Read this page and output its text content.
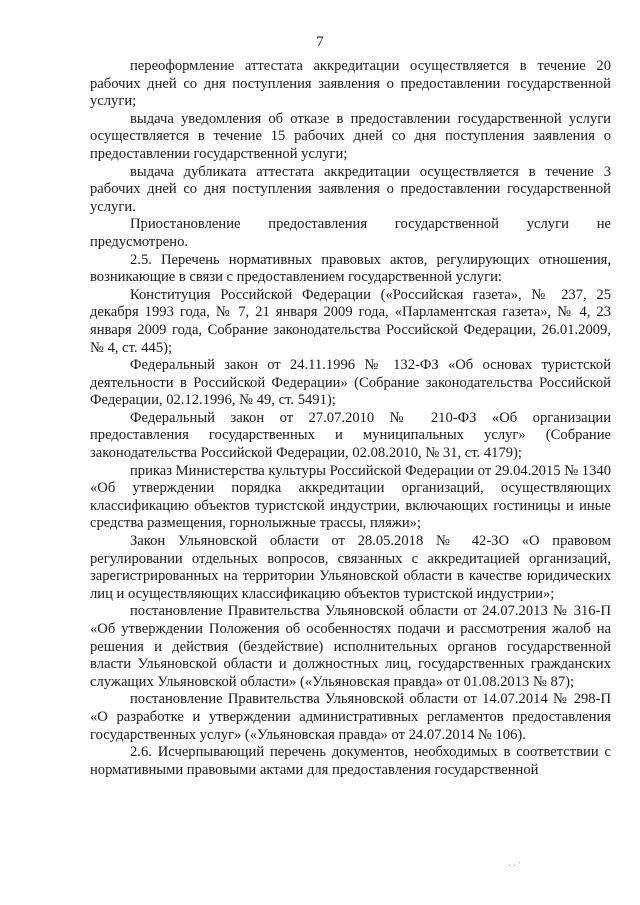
7

переоформление аттестата аккредитации осуществляется в течение 20 рабочих дней со дня поступления заявления о предоставлении государственной услуги;

выдача уведомления об отказе в предоставлении государственной услуги осуществляется в течение 15 рабочих дней со дня поступления заявления о предоставлении государственной услуги;

выдача дубликата аттестата аккредитации осуществляется в течение 3 рабочих дней со дня поступления заявления о предоставлении государственной услуги.

Приостановление предоставления государственной услуги не предусмотрено.

2.5. Перечень нормативных правовых актов, регулирующих отношения, возникающие в связи с предоставлением государственной услуги:

Конституция Российской Федерации («Российская газета», № 237, 25 декабря 1993 года, № 7, 21 января 2009 года, «Парламентская газета», № 4, 23 января 2009 года, Собрание законодательства Российской Федерации, 26.01.2009, № 4, ст. 445);

Федеральный закон от 24.11.1996 № 132-ФЗ «Об основах туристской деятельности в Российской Федерации» (Собрание законодательства Российской Федерации, 02.12.1996, № 49, ст. 5491);

Федеральный закон от 27.07.2010 № 210-ФЗ «Об организации предоставления государственных и муниципальных услуг» (Собрание законодательства Российской Федерации, 02.08.2010, № 31, ст. 4179);

приказ Министерства культуры Российской Федерации от 29.04.2015 № 1340 «Об утверждении порядка аккредитации организаций, осуществляющих классификацию объектов туристской индустрии, включающих гостиницы и иные средства размещения, горнолыжные трассы, пляжи»;

Закон Ульяновской области от 28.05.2018 № 42-ЗО «О правовом регулировании отдельных вопросов, связанных с аккредитацией организаций, зарегистрированных на территории Ульяновской области в качестве юридических лиц и осуществляющих классификацию объектов туристской индустрии»;

постановление Правительства Ульяновской области от 24.07.2013 № 316-П «Об утверждении Положения об особенностях подачи и рассмотрения жалоб на решения и действия (бездействие) исполнительных органов государственной власти Ульяновской области и должностных лиц, государственных гражданских служащих Ульяновской области» («Ульяновская правда» от 01.08.2013 № 87);

постановление Правительства Ульяновской области от 14.07.2014 № 298-П «О разработке и утверждении административных регламентов предоставления государственных услуг» («Ульяновская правда» от 24.07.2014 № 106).

2.6. Исчерпывающий перечень документов, необходимых в соответствии с нормативными правовыми актами для предоставления государственной

․․‧
